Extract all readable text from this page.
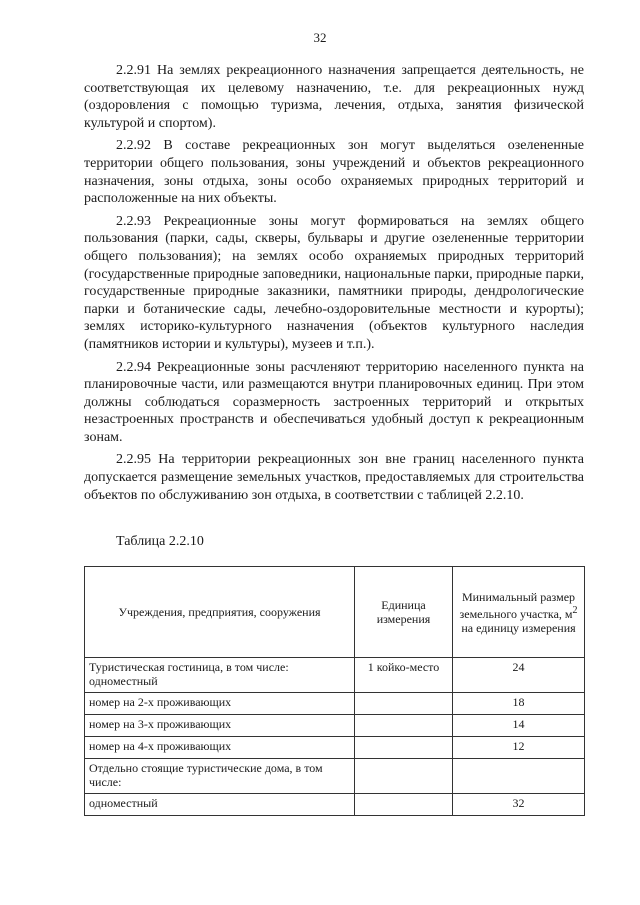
32

2.2.91 На землях рекреационного назначения запрещается деятельность, не соответствующая их целевому назначению, т.е. для рекреационных нужд (оздоровления с помощью туризма, лечения, отдыха, занятия физической культурой и спортом).

2.2.92 В составе рекреационных зон могут выделяться озелененные территории общего пользования, зоны учреждений и объектов рекреационного назначения, зоны отдыха, зоны особо охраняемых природных территорий и расположенные на них объекты.

2.2.93 Рекреационные зоны могут формироваться на землях общего пользования (парки, сады, скверы, бульвары и другие озелененные территории общего пользования); на землях особо охраняемых природных территорий (государственные природные заповедники, национальные парки, природные парки, государственные природные заказники, памятники природы, дендрологические парки и ботанические сады, лечебно-оздоровительные местности и курорты); землях историко-культурного назначения (объектов культурного наследия (памятников истории и культуры), музеев и т.п.).

2.2.94 Рекреационные зоны расчленяют территорию населенного пункта на планировочные части, или размещаются внутри планировочных единиц. При этом должны соблюдаться соразмерность застроенных территорий и открытых незастроенных пространств и обеспечиваться удобный доступ к рекреационным зонам.

2.2.95 На территории рекреационных зон вне границ населенного пункта допускается размещение земельных участков, предоставляемых для строительства объектов по обслуживанию зон отдыха, в соответствии с таблицей 2.2.10.

Таблица 2.2.10
Учреждения, предприятия, сооружения	Единица измерения	Минимальный размер земельного участка, $м^2$ на единицу измерения
Туристическая гостиница, в том числе: одноместный	1 койко-место	24
номер на 2-х проживающих		18
номер на 3-х проживающих		14
номер на 4-х проживающих		12
Отдельно стоящие туристические дома, в том числе:		
одноместный		32
